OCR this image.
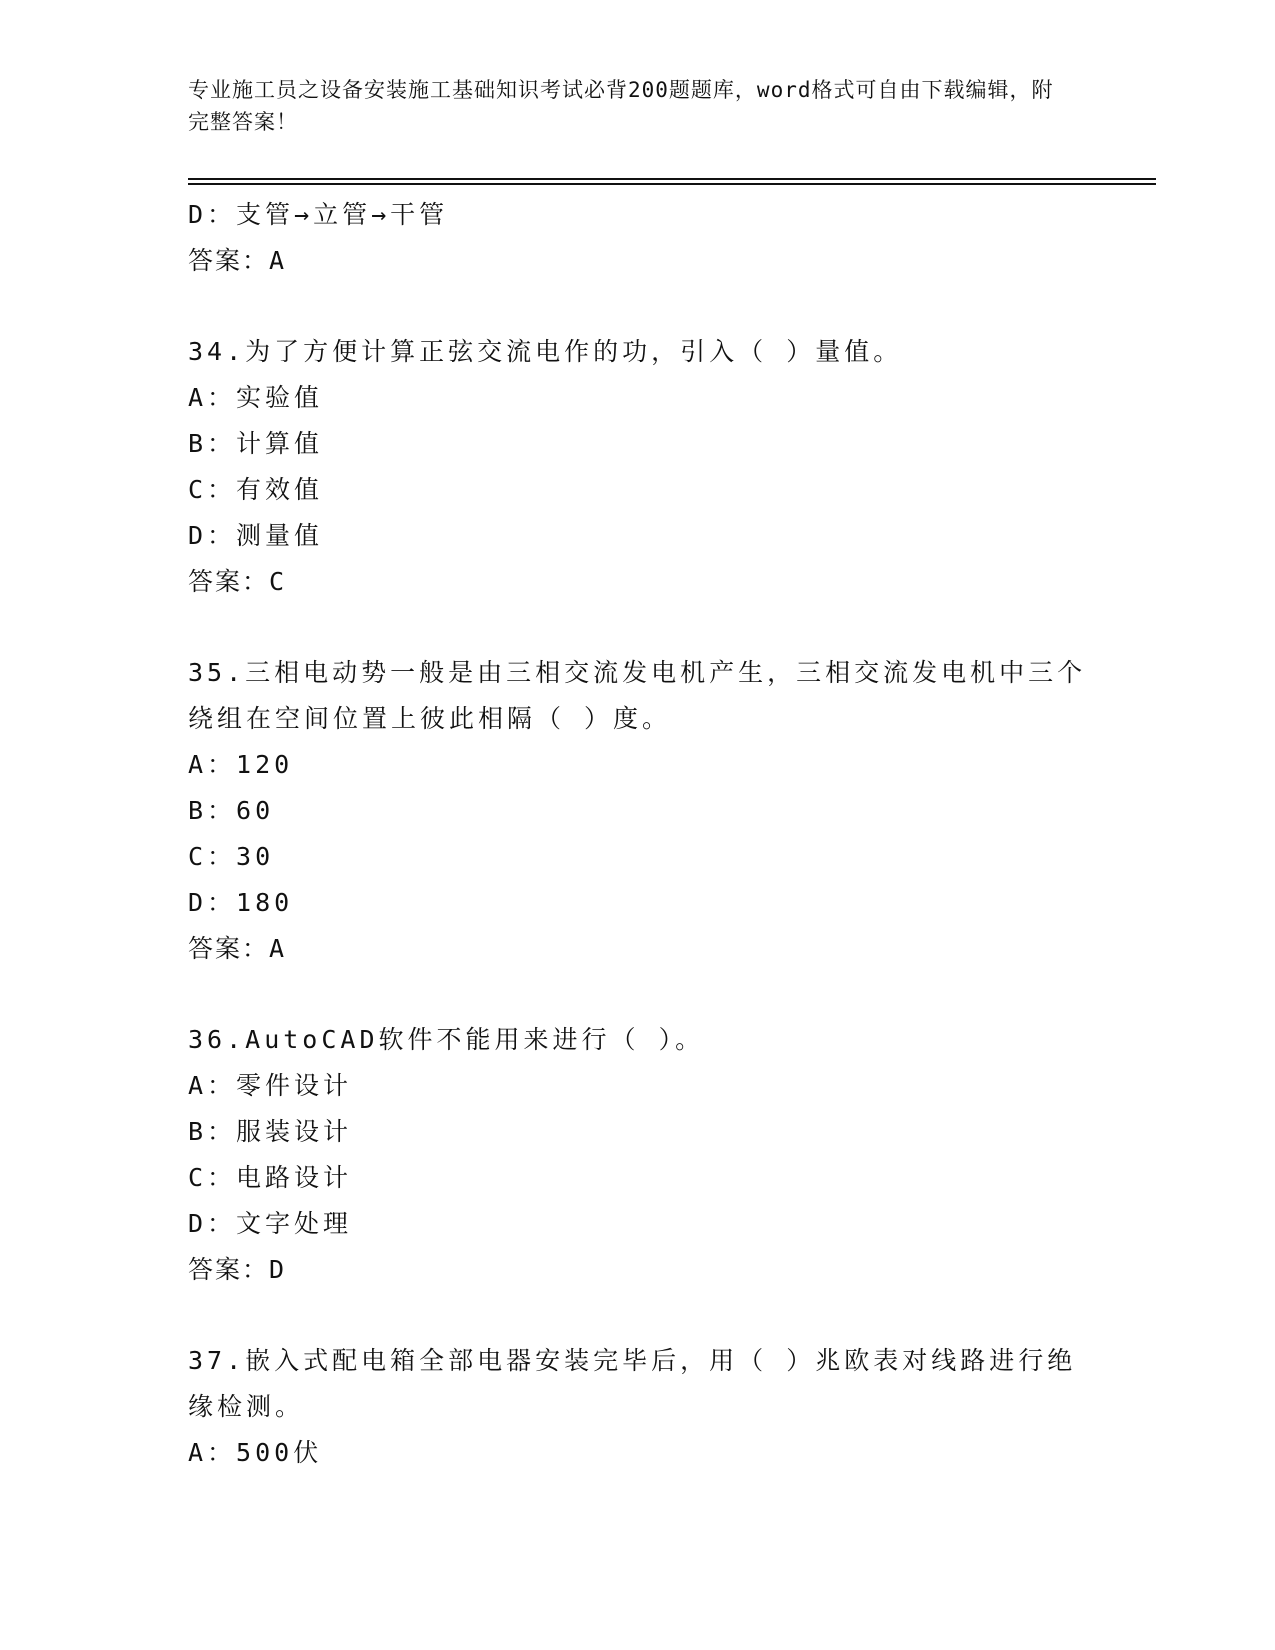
专业施工员之设备安装施工基础知识考试必背200题题库，word格式可自由下载编辑，附完整答案！
D：支管→立管→干管
答案：A
34.为了方便计算正弦交流电作的功，引入（ ）量值。
A：实验值
B：计算值
C：有效值
D：测量值
答案：C
35.三相电动势一般是由三相交流发电机产生，三相交流发电机中三个绕组在空间位置上彼此相隔（ ）度。
A：120
B：60
C：30
D：180
答案：A
36.AutoCAD软件不能用来进行（ ）。
A：零件设计
B：服装设计
C：电路设计
D：文字处理
答案：D
37.嵌入式配电箱全部电器安装完毕后，用（ ）兆欧表对线路进行绝缘检测。
A：500伏
